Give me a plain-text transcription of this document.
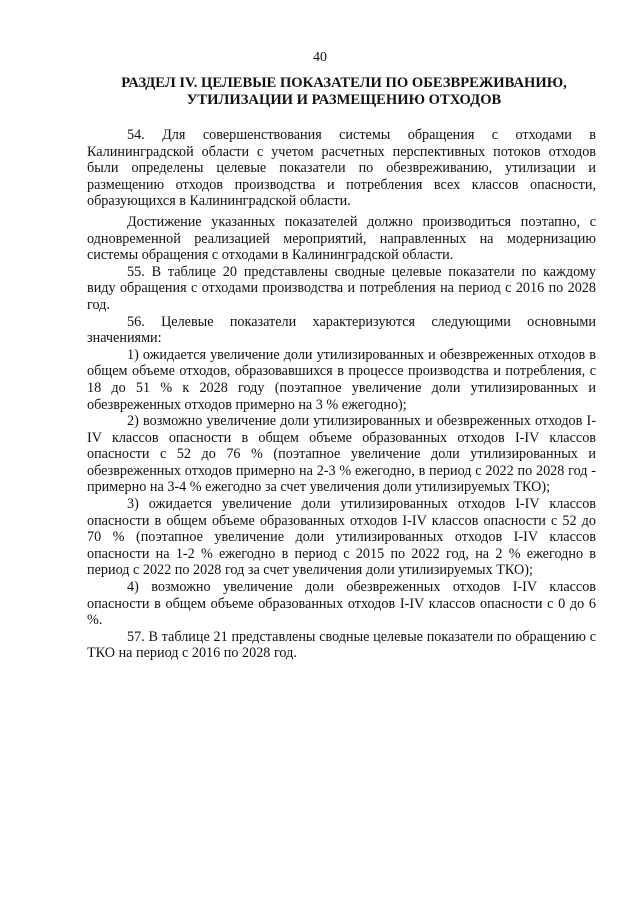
40
РАЗДЕЛ IV. ЦЕЛЕВЫЕ ПОКАЗАТЕЛИ ПО ОБЕЗВРЕЖИВАНИЮ, УТИЛИЗАЦИИ И РАЗМЕЩЕНИЮ ОТХОДОВ

54. Для совершенствования системы обращения с отходами в Калининградской области с учетом расчетных перспективных потоков отходов были определены целевые показатели по обезвреживанию, утилизации и размещению отходов производства и потребления всех классов опасности, образующихся в Калининградской области.

Достижение указанных показателей должно производиться поэтапно, с одновременной реализацией мероприятий, направленных на модернизацию системы обращения с отходами в Калининградской области.

55. В таблице 20 представлены сводные целевые показатели по каждому виду обращения с отходами производства и потребления на период с 2016 по 2028 год.

56. Целевые показатели характеризуются следующими основными значениями:

1) ожидается увеличение доли утилизированных и обезвреженных отходов в общем объеме отходов, образовавшихся в процессе производства и потребления, с 18 до 51 % к 2028 году (поэтапное увеличение доли утилизированных и обезвреженных отходов примерно на 3 % ежегодно);

2) возможно увеличение доли утилизированных и обезвреженных отходов I-IV классов опасности в общем объеме образованных отходов I-IV классов опасности с 52 до 76 % (поэтапное увеличение доли утилизированных и обезвреженных отходов примерно на 2-3 % ежегодно, в период с 2022 по 2028 год - примерно на 3-4 % ежегодно за счет увеличения доли утилизируемых ТКО);

3) ожидается увеличение доли утилизированных отходов I-IV классов опасности в общем объеме образованных отходов I-IV классов опасности с 52 до 70 % (поэтапное увеличение доли утилизированных отходов I-IV классов опасности на 1-2 % ежегодно в период с 2015 по 2022 год, на 2 % ежегодно в период с 2022 по 2028 год за счет увеличения доли утилизируемых ТКО);

4) возможно увеличение доли обезвреженных отходов I-IV классов опасности в общем объеме образованных отходов I-IV классов опасности с 0 до 6 %.

57. В таблице 21 представлены сводные целевые показатели по обращению с ТКО на период с 2016 по 2028 год.
